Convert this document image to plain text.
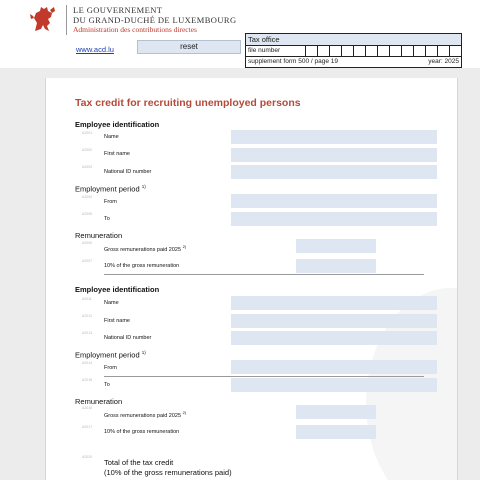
LE GOUVERNEMENT
DU GRAND-DUCHÉ DE LUXEMBOURG
Administration des contributions directes
www.acd.lu	reset
Tax office
file number
supplement form 500 / page 19	year: 2025
Tax credit for recruiting unemployed persons
Employee identification
A2001
Name
A2002
First name
A2003
National ID number
Employment period $^{1)}$
A2004
From
A2005
To
Remuneration
A2006
Gross remunerations paid 2025 $^{2)}$
A2007
10% of the gross remuneration
Employee identification
A2011
Name
A2012
First name
A2013
National ID number
Employment period $^{1)}$
A2014
From
A2015
To
Remuneration
A2016
Gross remunerations paid 2025 $^{2)}$
A2017
10% of the gross remuneration
A2020
Total of the tax credit
(10% of the gross remunerations paid)
